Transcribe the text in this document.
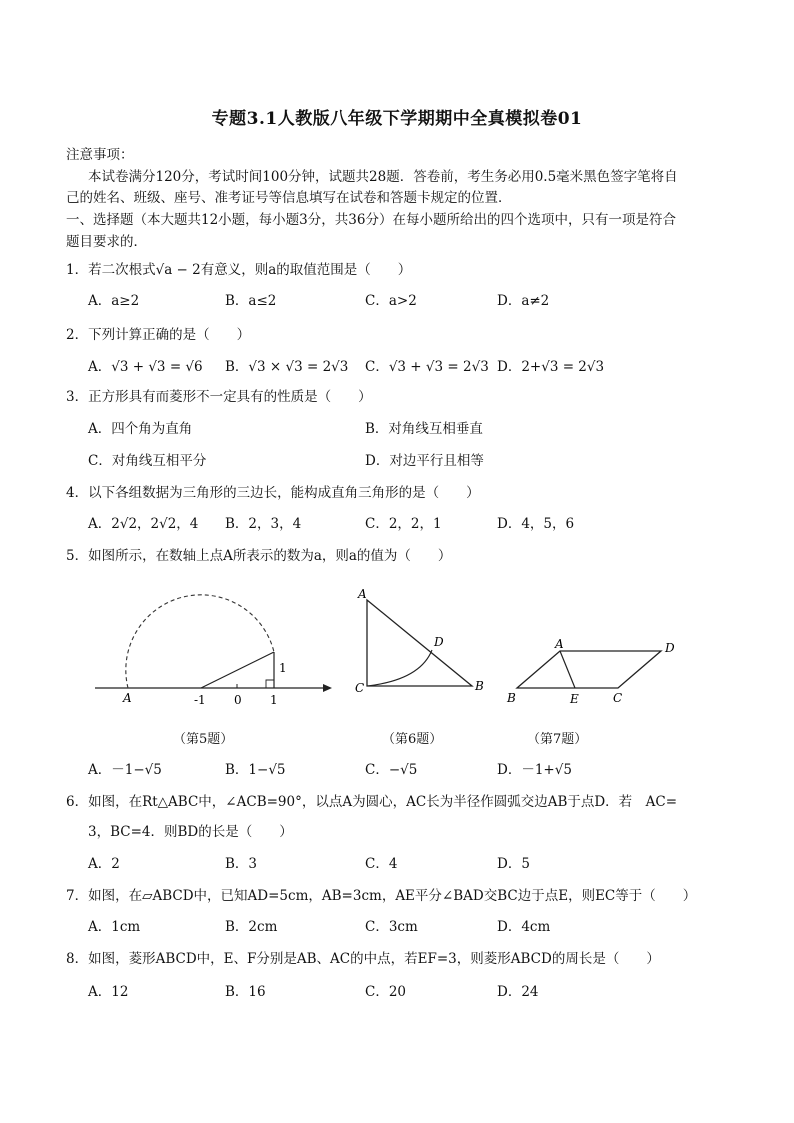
专题3.1人教版八年级下学期期中全真模拟卷01
注意事项：
本试卷满分120分，考试时间100分钟，试题共28题．答卷前，考生务必用0.5毫米黑色签字笔将自
己的姓名、班级、座号、准考证号等信息填写在试卷和答题卡规定的位置．
一、选择题（本大题共12小题，每小题3分，共36分）在每小题所给出的四个选项中，只有一项是符合
题目要求的．
1．若二次根式√a − 2有意义，则a的取值范围是（　　）
A．a≥2	B．a≤2	C．a>2	D．a≠2
2．下列计算正确的是（　　）
A．√3 + √3 = √6 B．√3 × √3 = 2√3 C．√3 + √3 = 2√3 D．2+√3 = 2√3
3．正方形具有而菱形不一定具有的性质是（　　）
A．四个角为直角	B．对角线互相垂直
C．对角线互相平分	D．对边平行且相等
4．以下各组数据为三角形的三边长，能构成直角三角形的是（　　）
A．2√2，2√2，4 B．2，3，4	C．2，2，1	D．4，5，6
5．如图所示，在数轴上点A所表示的数为a，则a的值为（　　）
A	-1 0 1
1
A
C	B
D	A	D
B	E	C
（第5题）	（第6题）	（第7题）
A．－1−√5	B．1−√5	C．−√5	D．－1+√5
6．如图，在Rt△ABC中，∠ACB=90°，以点A为圆心，AC长为半径作圆弧交边AB于点D．若　AC=
3，BC=4．则BD的长是（　　）
A．2	B．3	C．4	D．5
7．如图，在▱ABCD中，已知AD=5cm，AB=3cm，AE平分∠BAD交BC边于点E，则EC等于（　　）
A．1cm	B．2cm	C．3cm	D．4cm
8．如图，菱形ABCD中，E、F分别是AB、AC的中点，若EF=3，则菱形ABCD的周长是（　　）
A．12	B．16	C．20	D．24
